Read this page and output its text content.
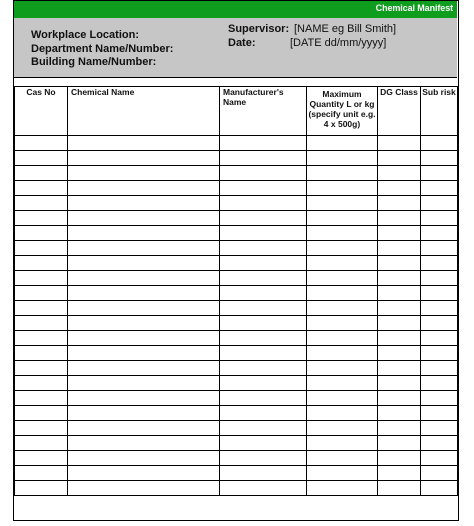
Chemical Manifest
Workplace Location:
Department Name/Number:
Building Name/Number:
Supervisor: [NAME eg Bill Smith]
Date:	[DATE dd/mm/yyyy]
Cas No	Chemical Name	Manufacturer's Name	Maximum Quantity L or kg (specify unit e.g. 4 x 500g)	DG Class	Sub risk
